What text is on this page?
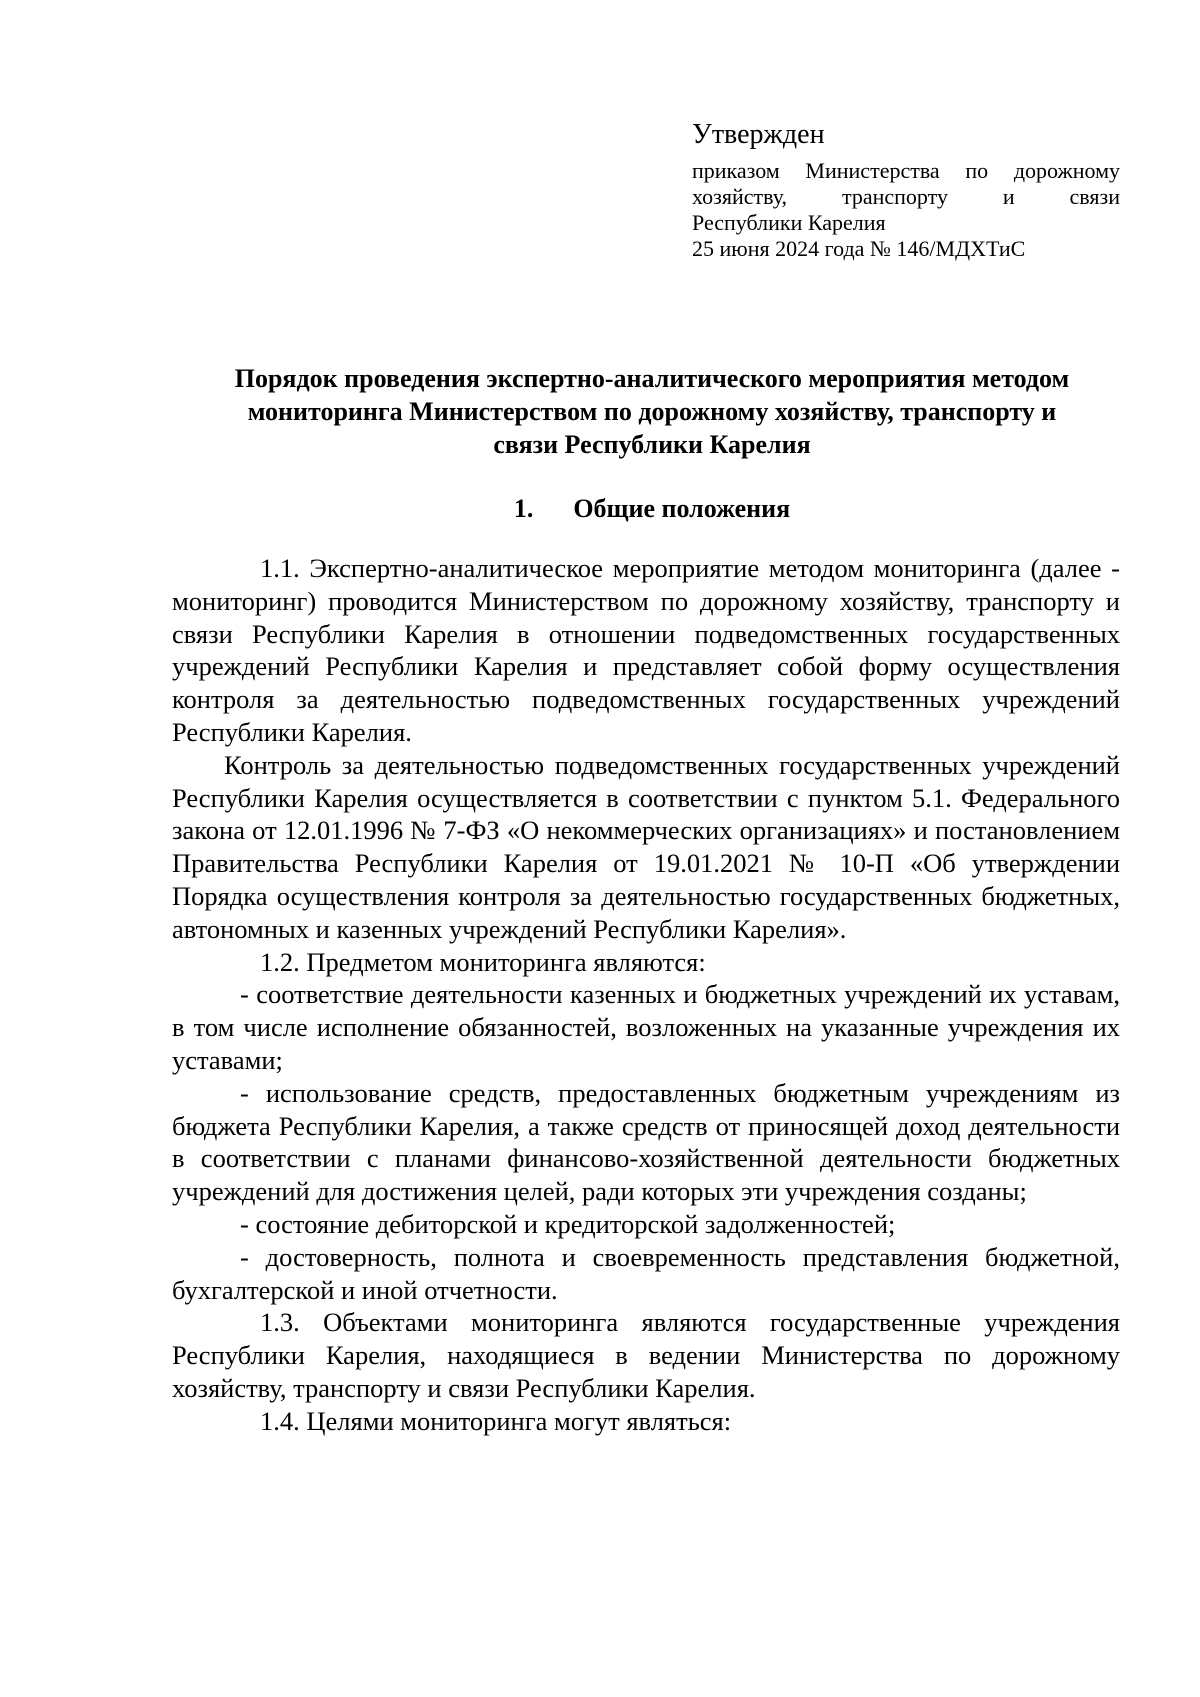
Утвержден
приказом Министерства по дорожному
хозяйству, транспорту и связи
Республики Карелия
25 июня 2024 года № 146/МДХТиС
Порядок проведения экспертно-аналитического мероприятия методом
мониторинга Министерством по дорожному хозяйству, транспорту и
связи Республики Карелия
1. Общие положения

1.1. Экспертно-аналитическое мероприятие методом мониторинга (далее - мониторинг) проводится Министерством по дорожному хозяйству, транспорту и связи Республики Карелия в отношении подведомственных государственных учреждений Республики Карелия и представляет собой форму осуществления контроля за деятельностью подведомственных государственных учреждений Республики Карелия.

Контроль за деятельностью подведомственных государственных учреждений Республики Карелия осуществляется в соответствии с пунктом 5.1. Федерального закона от 12.01.1996 № 7-ФЗ «О некоммерческих организациях» и постановлением Правительства Республики Карелия от 19.01.2021 № 10-П «Об утверждении Порядка осуществления контроля за деятельностью государственных бюджетных, автономных и казенных учреждений Республики Карелия».

1.2. Предметом мониторинга являются:

- соответствие деятельности казенных и бюджетных учреждений их уставам, в том числе исполнение обязанностей, возложенных на указанные учреждения их уставами;

- использование средств, предоставленных бюджетным учреждениям из бюджета Республики Карелия, а также средств от приносящей доход деятельности в соответствии с планами финансово-хозяйственной деятельности бюджетных учреждений для достижения целей, ради которых эти учреждения созданы;

- состояние дебиторской и кредиторской задолженностей;

- достоверность, полнота и своевременность представления бюджетной, бухгалтерской и иной отчетности.

1.3. Объектами мониторинга являются государственные учреждения Республики Карелия, находящиеся в ведении Министерства по дорожному хозяйству, транспорту и связи Республики Карелия.

1.4. Целями мониторинга могут являться:
